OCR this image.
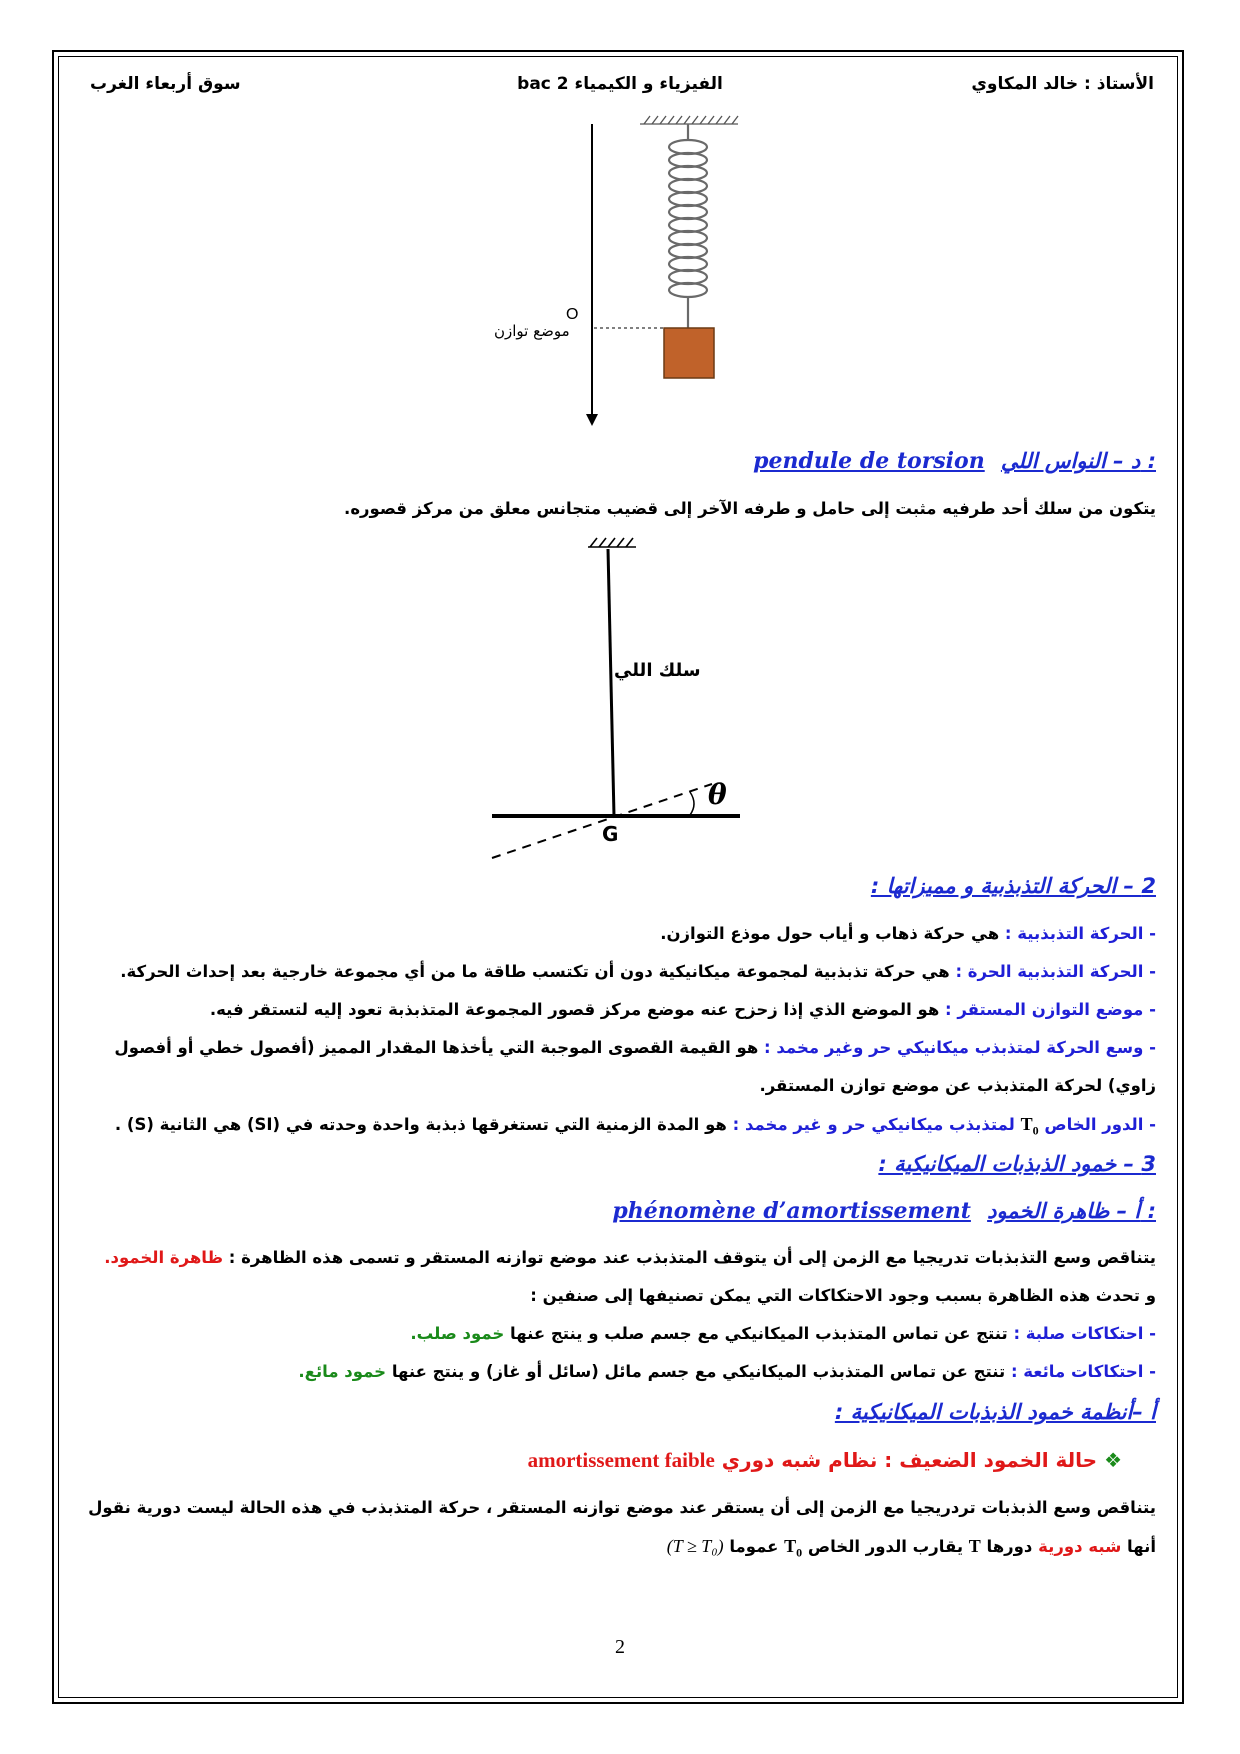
الأستاذ : خالد المكاوي
الفيزياء و الكيمياء 2 bac
سوق أربعاء الغرب
O
موضع توازن
pendule de torsion د – النواس اللي :
يتكون من سلك أحد طرفيه مثبت إلى حامل و طرفه الآخر إلى قضيب متجانس معلق من مركز قصوره.
سلك اللي
θ
G
2 – الحركة التذبذبية و مميزاتها :
- الحركة التذبذبية : هي حركة ذهاب و أياب حول موذع التوازن.
- الحركة التذبذبية الحرة : هي حركة تذبذبية لمجموعة ميكانيكية دون أن تكتسب طاقة ما من أي مجموعة خارجية بعد إحداث الحركة.
- موضع التوازن المستقر : هو الموضع الذي إذا زحزح عنه موضع مركز قصور المجموعة المتذبذبة تعود إليه لتستقر فيه.
- وسع الحركة لمتذبذب ميكانيكي حر وغير مخمد : هو القيمة القصوى الموجبة التي يأخذها المقدار المميز (أفصول خطي أو أفصول
زاوي) لحركة المتذبذب عن موضع توازن المستقر.
- الدور الخاص $T_0$ لمتذبذب ميكانيكي حر و غير مخمد : هو المدة الزمنية التي تستغرقها ذبذبة واحدة وحدته في (SI) هي الثانية (S) .
3 – خمود الذبذبات الميكانيكية :
phénomène d’amortissement أ – ظاهرة الخمود :
يتناقص وسع التذبذبات تدريجيا مع الزمن إلى أن يتوقف المتذبذب عند موضع توازنه المستقر و تسمى هذه الظاهرة : ظاهرة الخمود.
و تحدث هذه الظاهرة بسبب وجود الاحتكاكات التي يمكن تصنيفها إلى صنفين :
- احتكاكات صلبة : تنتج عن تماس المتذبذب الميكانيكي مع جسم صلب و ينتج عنها خمود صلب.
- احتكاكات مائعة : تنتج عن تماس المتذبذب الميكانيكي مع جسم مائل (سائل أو غاز) و ينتج عنها خمود مائع.
أ –أنظمة خمود الذبذبات الميكانيكية :
❖ حالة الخمود الضعيف : نظام شبه دوري amortissement faible
يتناقص وسع الذبذبات تردريجيا مع الزمن إلى أن يستقر عند موضع توازنه المستقر ، حركة المتذبذب في هذه الحالة ليست دورية نقول
أنها شبه دورية دورها T يقارب الدور الخاص $T_0$ عموما (T ≥ T₀)
2
